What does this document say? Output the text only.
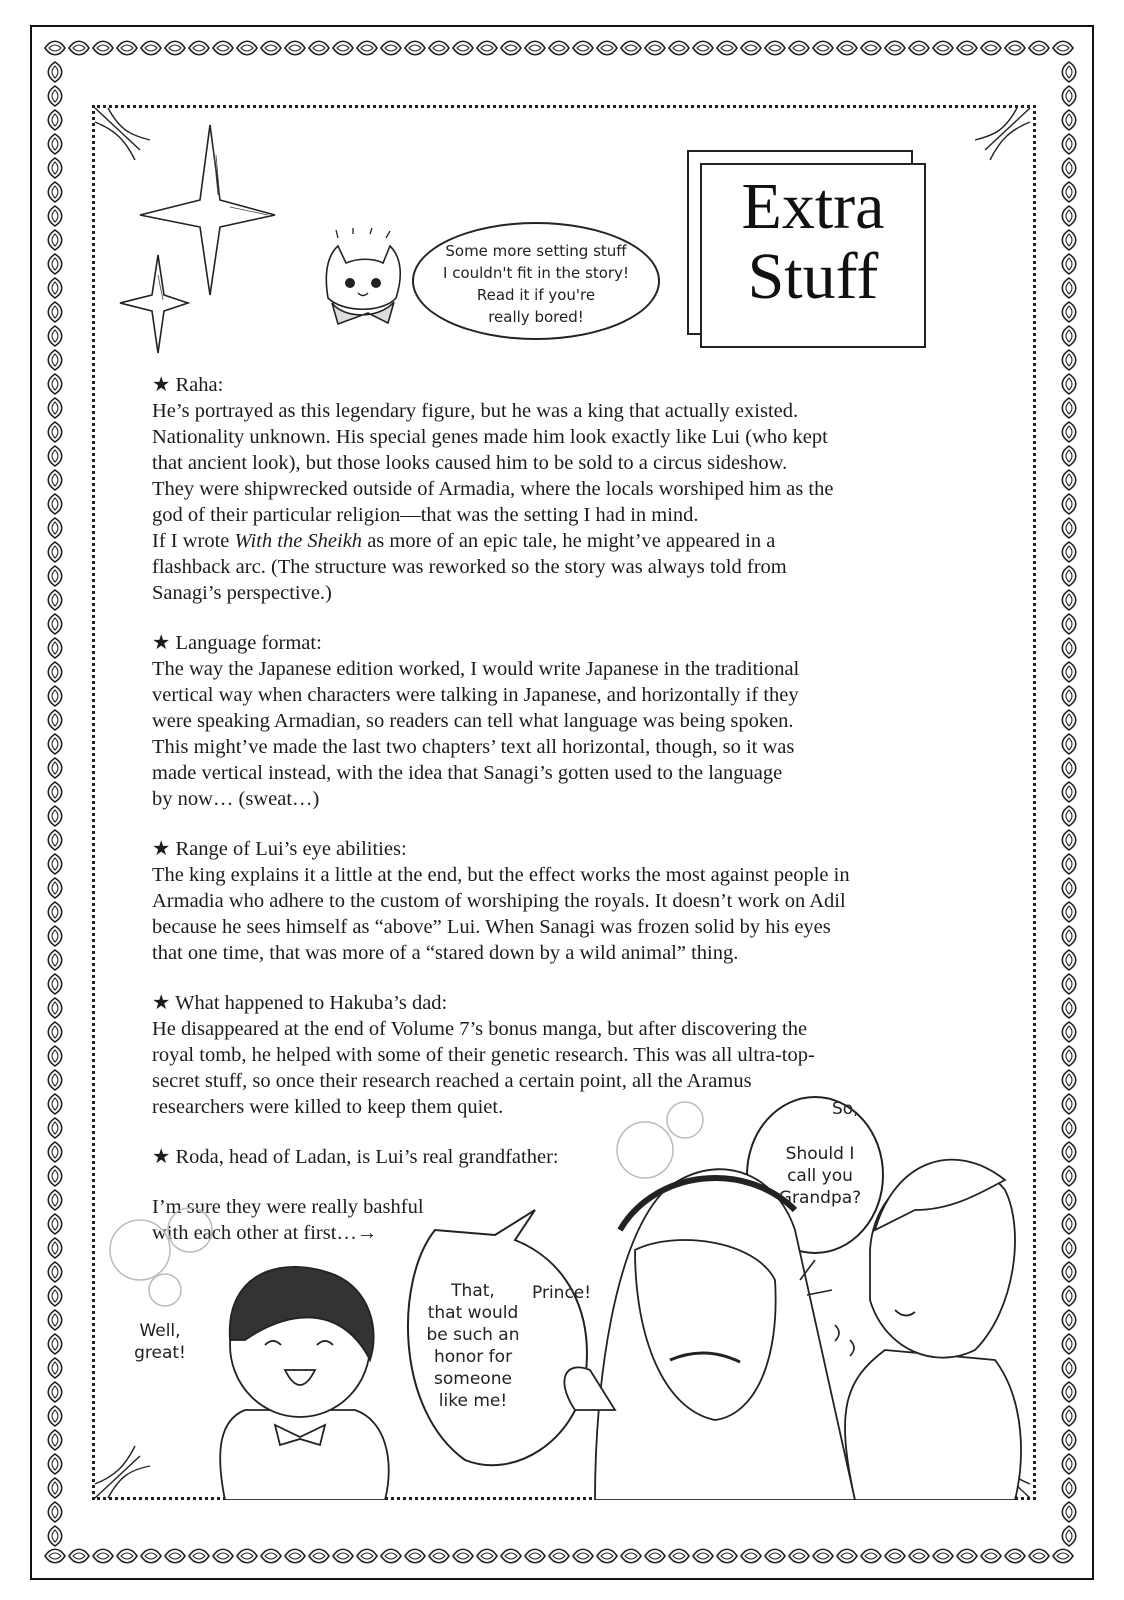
Some more setting stuff
I couldn't fit in the story!
Read it if you're
really bored!
Extra
Stuff
★ Raha:
He’s portrayed as this legendary figure, but he was a king that actually existed.
Nationality unknown. His special genes made him look exactly like Lui (who kept
that ancient look), but those looks caused him to be sold to a circus sideshow.
They were shipwrecked outside of Armadia, where the locals worshiped him as the
god of their particular religion—that was the setting I had in mind.
If I wrote With the Sheikh as more of an epic tale, he might’ve appeared in a
flashback arc. (The structure was reworked so the story was always told from
Sanagi’s perspective.)
★ Language format:
The way the Japanese edition worked, I would write Japanese in the traditional
vertical way when characters were talking in Japanese, and horizontally if they
were speaking Armadian, so readers can tell what language was being spoken.
This might’ve made the last two chapters’ text all horizontal, though, so it was
made vertical instead, with the idea that Sanagi’s gotten used to the language
by now… (sweat…)
★ Range of Lui’s eye abilities:
The king explains it a little at the end, but the effect works the most against people in
Armadia who adhere to the custom of worshiping the royals. It doesn’t work on Adil
because he sees himself as “above” Lui. When Sanagi was frozen solid by his eyes
that one time, that was more of a “stared down by a wild animal” thing.
★ What happened to Hakuba’s dad:
He disappeared at the end of Volume 7’s bonus manga, but after discovering the
royal tomb, he helped with some of their genetic research. This was all ultra-top-
secret stuff, so once their research reached a certain point, all the Aramus
researchers were killed to keep them quiet.
★ Roda, head of Ladan, is Lui’s real grandfather:
I’m sure they were really bashful
with each other at first…→
So,
Should I
call you
Grandpa?
Prince!
That,
that would
be such an
honor for
someone
like me!
Well,
great!
